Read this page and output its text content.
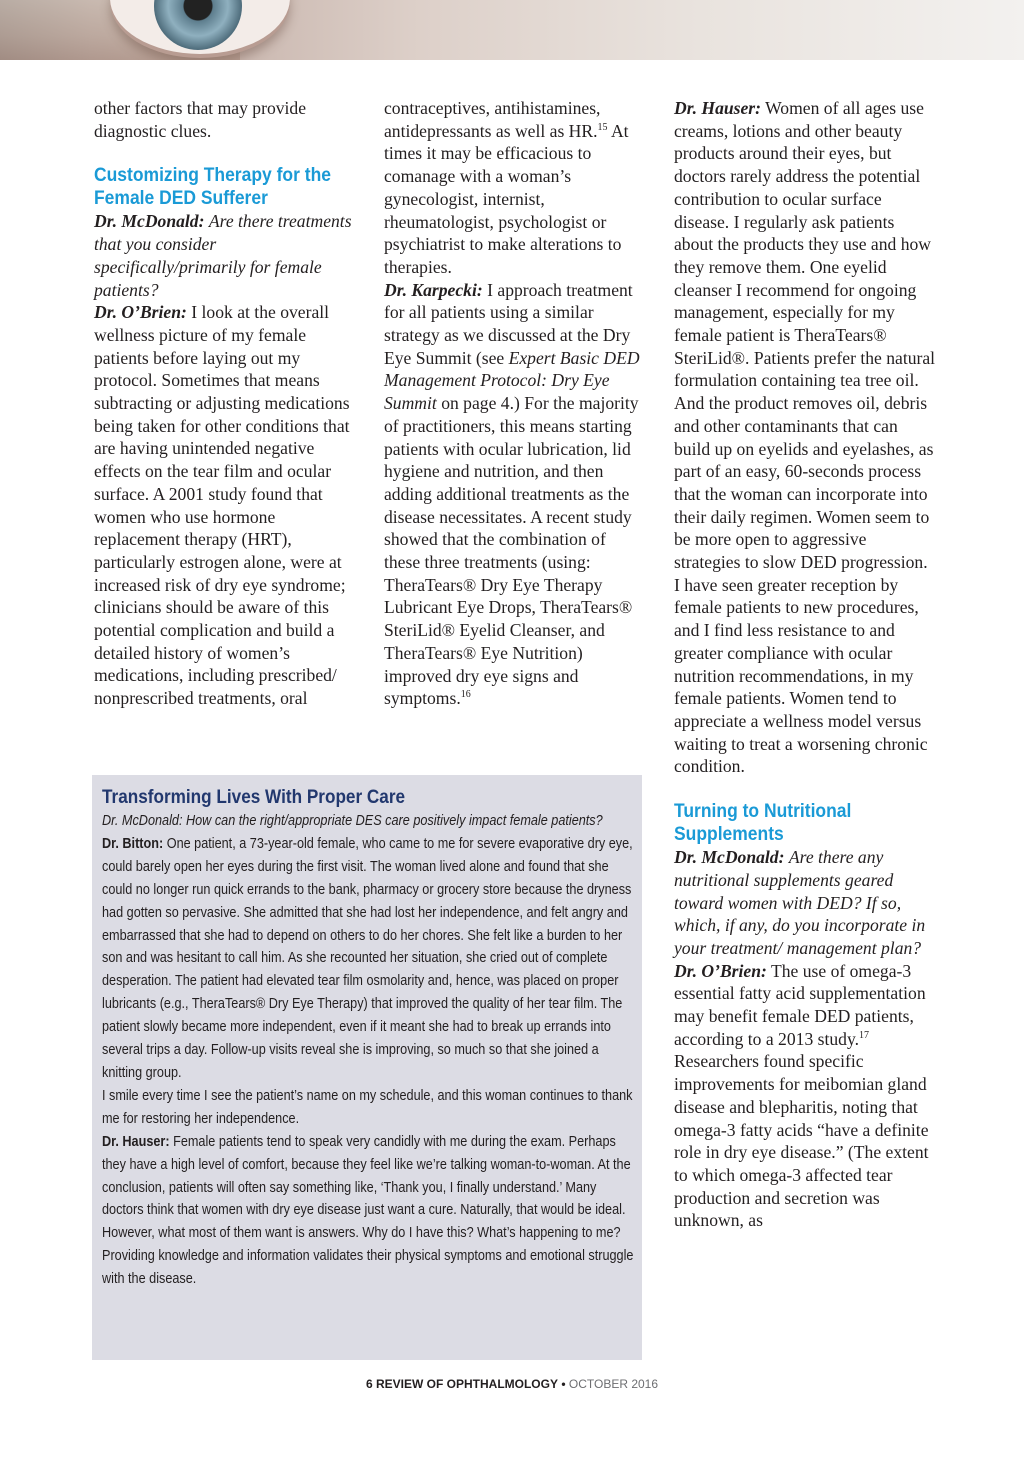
other factors that may provide diagnostic clues.

Customizing Therapy for the
Female DED Sufferer

Dr. McDonald: Are there treatments that you consider specifically/primarily for female patients?

Dr. O’Brien: I look at the overall wellness picture of my female patients before laying out my protocol. Sometimes that means subtracting or adjusting medications being taken for other conditions that are having unintended negative effects on the tear film and ocular surface. A 2001 study found that women who use hormone replacement therapy (HRT), particularly estrogen alone, were at increased risk of dry eye syndrome; clinicians should be aware of this potential complication and build a detailed history of women’s medications, including prescribed/ nonprescribed treatments, oral

contraceptives, antihistamines, antidepressants as well as HR.$^{15}$ At times it may be efficacious to comanage with a woman’s gynecologist, internist, rheumatologist, psychologist or psychiatrist to make alterations to therapies.

Dr. Karpecki: I approach treatment for all patients using a similar strategy as we discussed at the Dry Eye Summit (see Expert Basic DED Management Protocol: Dry Eye Summit on page 4.) For the majority of practitioners, this means starting patients with ocular lubrication, lid hygiene and nutrition, and then adding additional treatments as the disease necessitates. A recent study showed that the combination of these three treatments (using: TheraTears® Dry Eye Therapy Lubricant Eye Drops, TheraTears® SteriLid® Eyelid Cleanser, and TheraTears® Eye Nutrition) improved dry eye signs and symptoms.$^{16}$

Dr. Hauser: Women of all ages use creams, lotions and other beauty products around their eyes, but doctors rarely address the potential contribution to ocular surface disease. I regularly ask patients about the products they use and how they remove them. One eyelid cleanser I recommend for ongoing management, especially for my female patient is TheraTears® SteriLid®. Patients prefer the natural formulation containing tea tree oil. And the product removes oil, debris and other contaminants that can build up on eyelids and eyelashes, as part of an easy, 60-seconds process that the woman can incorporate into their daily regimen. Women seem to be more open to aggressive strategies to slow DED progression. I have seen greater reception by female patients to new procedures, and I find less resistance to and greater compliance with ocular nutrition recommendations, in my female patients. Women tend to appreciate a wellness model versus waiting to treat a worsening chronic condition.

Turning to Nutritional
Supplements

Dr. McDonald: Are there any nutritional supplements geared toward women with DED? If so, which, if any, do you incorporate in your treatment/ management plan?

Dr. O’Brien: The use of omega-3 essential fatty acid supplementation may benefit female DED patients, according to a 2013 study.$^{17}$ Researchers found specific improvements for meibomian gland disease and blepharitis, noting that omega-3 fatty acids “have a definite role in dry eye disease.” (The extent to which omega-3 affected tear production and secretion was unknown, as

Transforming Lives With Proper Care

Dr. McDonald: How can the right/appropriate DES care positively impact female patients?

Dr. Bitton: One patient, a 73-year-old female, who came to me for severe evaporative dry eye, could barely open her eyes during the first visit. The woman lived alone and found that she could no longer run quick errands to the bank, pharmacy or grocery store because the dryness had gotten so pervasive. She admitted that she had lost her independence, and felt angry and embarrassed that she had to depend on others to do her chores. She felt like a burden to her son and was hesitant to call him. As she recounted her situation, she cried out of complete desperation. The patient had elevated tear film osmolarity and, hence, was placed on proper lubricants (e.g., TheraTears® Dry Eye Therapy) that improved the quality of her tear film. The patient slowly became more independent, even if it meant she had to break up errands into several trips a day. Follow-up visits reveal she is improving, so much so that she joined a knitting group.

I smile every time I see the patient’s name on my schedule, and this woman continues to thank me for restoring her independence.

Dr. Hauser: Female patients tend to speak very candidly with me during the exam. Perhaps they have a high level of comfort, because they feel like we’re talking woman-to-woman. At the conclusion, patients will often say something like, ‘Thank you, I finally understand.’ Many doctors think that women with dry eye disease just want a cure. Naturally, that would be ideal. However, what most of them want is answers. Why do I have this? What’s happening to me? Providing knowledge and information validates their physical symptoms and emotional struggle with the disease.

6 REVIEW OF OPHTHALMOLOGY • OCTOBER 2016
